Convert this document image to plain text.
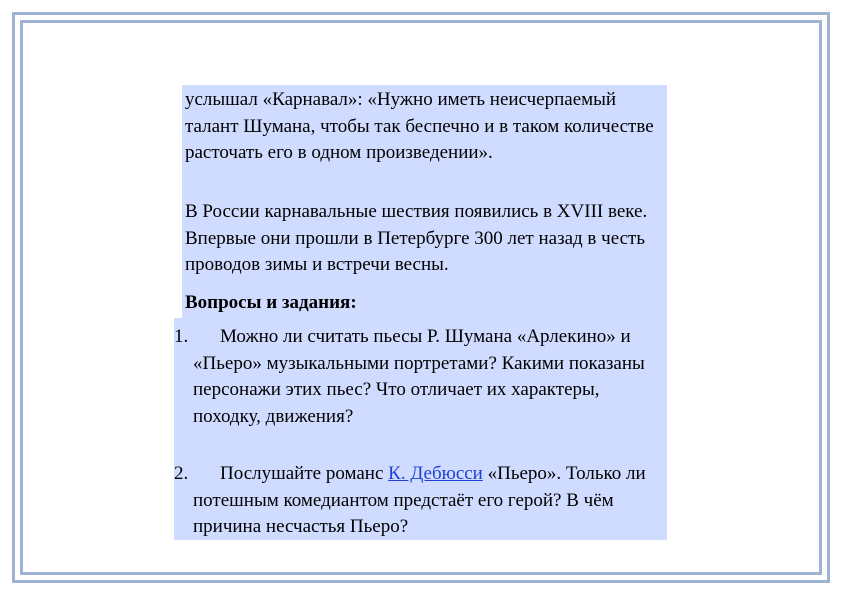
услышал «Карнавал»: «Нужно иметь неисчерпаемый талант Шумана, чтобы так беспечно и в таком количестве расточать его в одном произведении».
В России карнавальные шествия появились в XVIII веке. Впервые они прошли в Петербурге 300 лет назад в честь проводов зимы и встречи весны.
Вопросы и задания:
1.	Можно ли считать пьесы Р. Шумана «Арлекино» и «Пьеро» музыкальными портретами? Какими показаны персонажи этих пьес? Что отличает их характеры, походку, движения?
2.	Послушайте романс К. Дебюсси «Пьеро». Только ли потешным комедиантом предстаёт его герой? В чём причина несчастья Пьеро?
